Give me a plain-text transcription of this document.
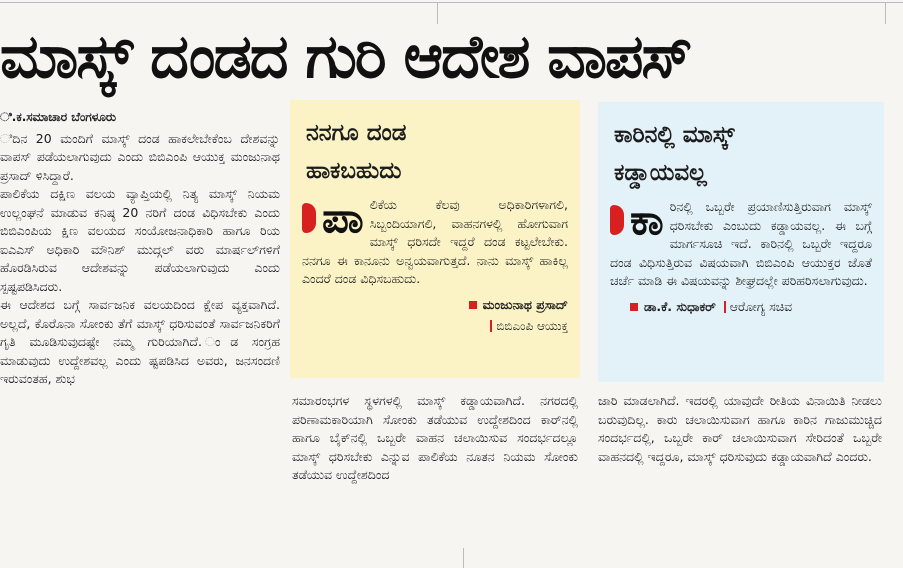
ಮಾಸ್ಕ್ ದಂಡದ ಗುರಿ ಆದೇಶ ವಾಪಸ್
ಿ.ಕ.ಸಮಾಚಾರ ಬೆಂಗಳೂರು

ಿದಿನ 20 ಮಂದಿಗೆ ಮಾಸ್ಕ್ ದಂಡ ಹಾಕಲೇಬೇಕೆಂಬ ದೇಶವನ್ನು ವಾಪಸ್ ಪಡೆಯಲಾಗುವುದು ಎಂದು ಬಿಬಿಎಂಪಿ ಆಯುಕ್ತ ಮಂಜುನಾಥ ಪ್ರಸಾದ್ ಳಿಸಿದ್ದಾರೆ.

ಪಾಲಿಕೆಯ ದಕ್ಷಿಣ ವಲಯ ವ್ಯಾಪ್ತಿಯಲ್ಲಿ ನಿತ್ಯ ಮಾಸ್ಕ್ ನಿಯಮ ಉಲ್ಲಂಘನೆ ಮಾಡುವ ಕನಿಷ್ಠ 20 ನರಿಗೆ ದಂಡ ವಿಧಿಸಬೇಕು ಎಂದು ಬಿಬಿಎಂಪಿಯ ಕ್ಷಿಣ ವಲಯದ ಸಂಯೋಜನಾಧಿಕಾರಿ ಹಾಗೂ ರಿಯ ಐಎಎಸ್ ಅಧಿಕಾರಿ ಮೌನಿಶ್ ಮುದ್ಗಲ್ ವರು ಮಾರ್ಷಲ್‌ಗಳಿಗೆ ಹೊರಡಿಸಿರುವ ಆದೇಶವನ್ನು ಪಡೆಯಲಾಗುವುದು ಎಂದು ಸ್ಪಷ್ಟಪಡಿಸಿದರು.

ಈ ಆದೇಶದ ಬಗ್ಗೆ ಸಾರ್ವಜನಿಕ ವಲಯದಿಂದ ಕ್ಷೇಪ ವ್ಯಕ್ತವಾಗಿದೆ. ಅಲ್ಲದೆ, ಕೊರೊನಾ ಸೋಂಕು ತೆಗೆ ಮಾಸ್ಕ್ ಧರಿಸುವಂತೆ ಸಾರ್ವಜನಿಕರಿಗೆ ಗೃತಿ ಮೂಡಿಸುವುದಷ್ಟೇ ನಮ್ಮ ಗುರಿಯಾಗಿದೆ. ಂಡ ಸಂಗ್ರಹ ಮಾಡುವುದು ಉದ್ದೇಶವಲ್ಲ ಎಂದು ಷ್ಟಪಡಿಸಿದ ಅವರು, ಜನಸಂದಣಿ ಇರುವಂತಹ, ಶುಭ

ನನಗೂ ದಂಡ
ಹಾಕಬಹುದು
ಪಾ ಲಿಕೆಯ ಕೆಲವು ಅಧಿಕಾರಿಗಳಾಗಲಿ, ಸಿಬ್ಬಂದಿಯಾಗಲಿ, ವಾಹನಗಳಲ್ಲಿ ಹೋಗುವಾಗ ಮಾಸ್ಕ್ ಧರಿಸದೇ ಇದ್ದರೆ ದಂಡ ಕಟ್ಟಲೇಬೇಕು. ನನಗೂ ಈ ಕಾನೂನು ಅನ್ವಯವಾಗುತ್ತದೆ. ನಾನು ಮಾಸ್ಕ್ ಹಾಕಿಲ್ಲ ಎಂದರೆ ದಂಡ ವಿಧಿಸಬಹುದು.
ಮಂಜುನಾಥ ಪ್ರಸಾದ್
ಬಿಬಿಎಂಪಿ ಆಯುಕ್ತ
ಕಾರಿನಲ್ಲಿ ಮಾಸ್ಕ್
ಕಡ್ಡಾಯವಲ್ಲ
ಕಾ ರಿನಲ್ಲಿ ಒಬ್ಬರೇ ಪ್ರಯಾಣಿಸುತ್ತಿರುವಾಗ ಮಾಸ್ಕ್ ಧರಿಸಬೇಕು ಎಂಬುದು ಕಡ್ಡಾಯವಲ್ಲ. ಈ ಬಗ್ಗೆ ಮಾರ್ಗಸೂಚಿ ಇದೆ. ಕಾರಿನಲ್ಲಿ ಒಬ್ಬರೇ ಇದ್ದರೂ ದಂಡ ವಿಧಿಸುತ್ತಿರುವ ವಿಷಯವಾಗಿ ಬಿಬಿಎಂಪಿ ಆಯುಕ್ತರ ಜೊತೆ ಚರ್ಚೆ ಮಾಡಿ ಈ ವಿಷಯವನ್ನು ಶೀಘ್ರದಲ್ಲೇ ಪರಿಹರಿಸಲಾಗುವುದು.
ಡಾ.ಕೆ. ಸುಧಾಕರ್ ಆರೋಗ್ಯ ಸಚಿವ

ಸಮಾರಂಭಗಳ ಸ್ಥಳಗಳಲ್ಲಿ ಮಾಸ್ಕ್ ಕಡ್ಡಾಯವಾಗಿದೆ. ನಗರದಲ್ಲಿ ಪರಿಣಾಮಕಾರಿಯಾಗಿ ಸೋಂಕು ತಡೆಯುವ ಉದ್ದೇಶದಿಂದ ಕಾರ್‌ನಲ್ಲಿ ಹಾಗೂ ಬೈಕ್‌ನಲ್ಲಿ ಒಬ್ಬರೇ ವಾಹನ ಚಲಾಯಿಸುವ ಸಂದರ್ಭದಲ್ಲೂ ಮಾಸ್ಕ್ ಧರಿಸಬೇಕು ಎನ್ನುವ ಪಾಲಿಕೆಯ ನೂತನ ನಿಯಮ ಸೋಂಕು ತಡೆಯುವ ಉದ್ದೇಶದಿಂದ

ಜಾರಿ ಮಾಡಲಾಗಿದೆ. ಇದರಲ್ಲಿ ಯಾವುದೇ ರೀತಿಯ ವಿನಾಯಿತಿ ನೀಡಲು ಬರುವುದಿಲ್ಲ. ಕಾರು ಚಲಾಯಿಸುವಾಗ ಹಾಗೂ ಕಾರಿನ ಗಾಜುಮುಚ್ಚಿದ ಸಂದರ್ಭದಲ್ಲಿ, ಒಬ್ಬರೇ ಕಾರ್ ಚಲಾಯಿಸುವಾಗ ಸೇರಿದಂತೆ ಒಬ್ಬರೇ ವಾಹನದಲ್ಲಿ ಇದ್ದರೂ, ಮಾಸ್ಕ್ ಧರಿಸುವುದು ಕಡ್ಡಾಯವಾಗಿದೆ ಎಂದರು.
